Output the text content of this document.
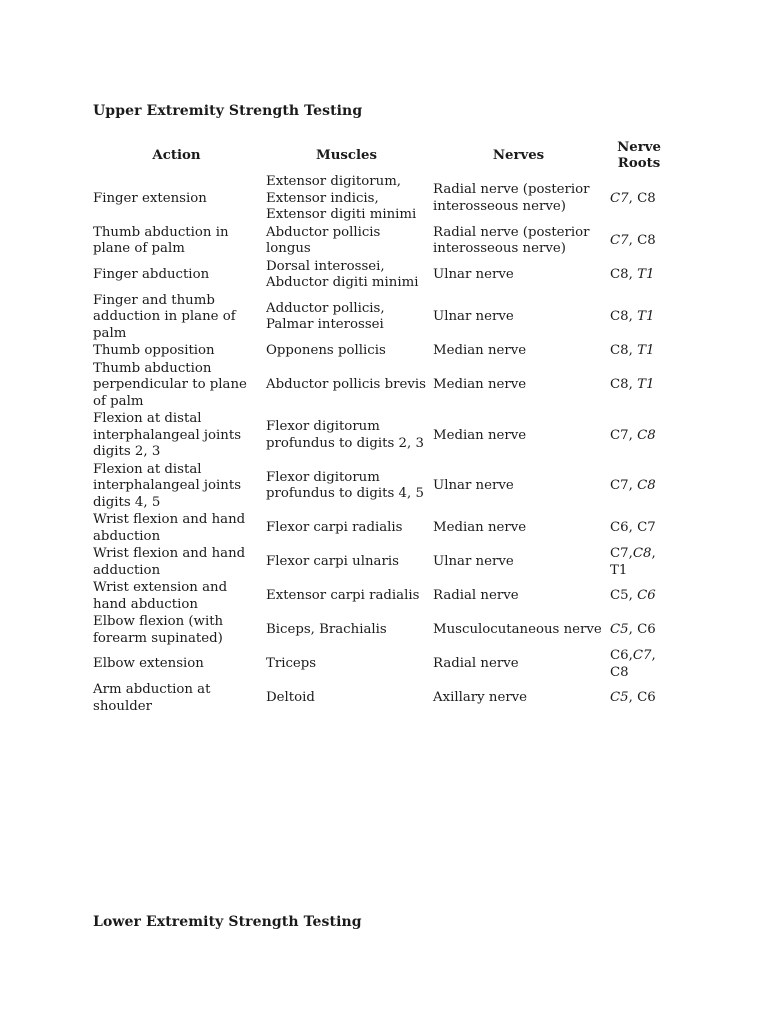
Upper Extremity Strength Testing
Action	Muscles	Nerves	Nerve Roots
Finger extension	Extensor digitorum, Extensor indicis, Extensor digiti minimi	Radial nerve (posterior interosseous nerve)	C7, C8
Thumb abduction in plane of palm	Abductor pollicis longus	Radial nerve (posterior interosseous nerve)	C7, C8
Finger abduction	Dorsal interossei, Abductor digiti minimi	Ulnar nerve	C8, T1
Finger and thumb adduction in plane of palm	Adductor pollicis, Palmar interossei	Ulnar nerve	C8, T1
Thumb opposition	Opponens pollicis	Median nerve	C8, T1
Thumb abduction perpendicular to plane of palm	Abductor pollicis brevis	Median nerve	C8, T1
Flexion at distal interphalangeal joints digits 2, 3	Flexor digitorum profundus to digits 2, 3	Median nerve	C7, C8
Flexion at distal interphalangeal joints digits 4, 5	Flexor digitorum profundus to digits 4, 5	Ulnar nerve	C7, C8
Wrist flexion and hand abduction	Flexor carpi radialis	Median nerve	C6, C7
Wrist flexion and hand adduction	Flexor carpi ulnaris	Ulnar nerve	C7,C8, T1
Wrist extension and hand abduction	Extensor carpi radialis	Radial nerve	C5, C6
Elbow flexion (with forearm supinated)	Biceps, Brachialis	Musculocutaneous nerve	C5, C6
Elbow extension	Triceps	Radial nerve	C6,C7, C8
Arm abduction at shoulder	Deltoid	Axillary nerve	C5, C6
Lower Extremity Strength Testing
